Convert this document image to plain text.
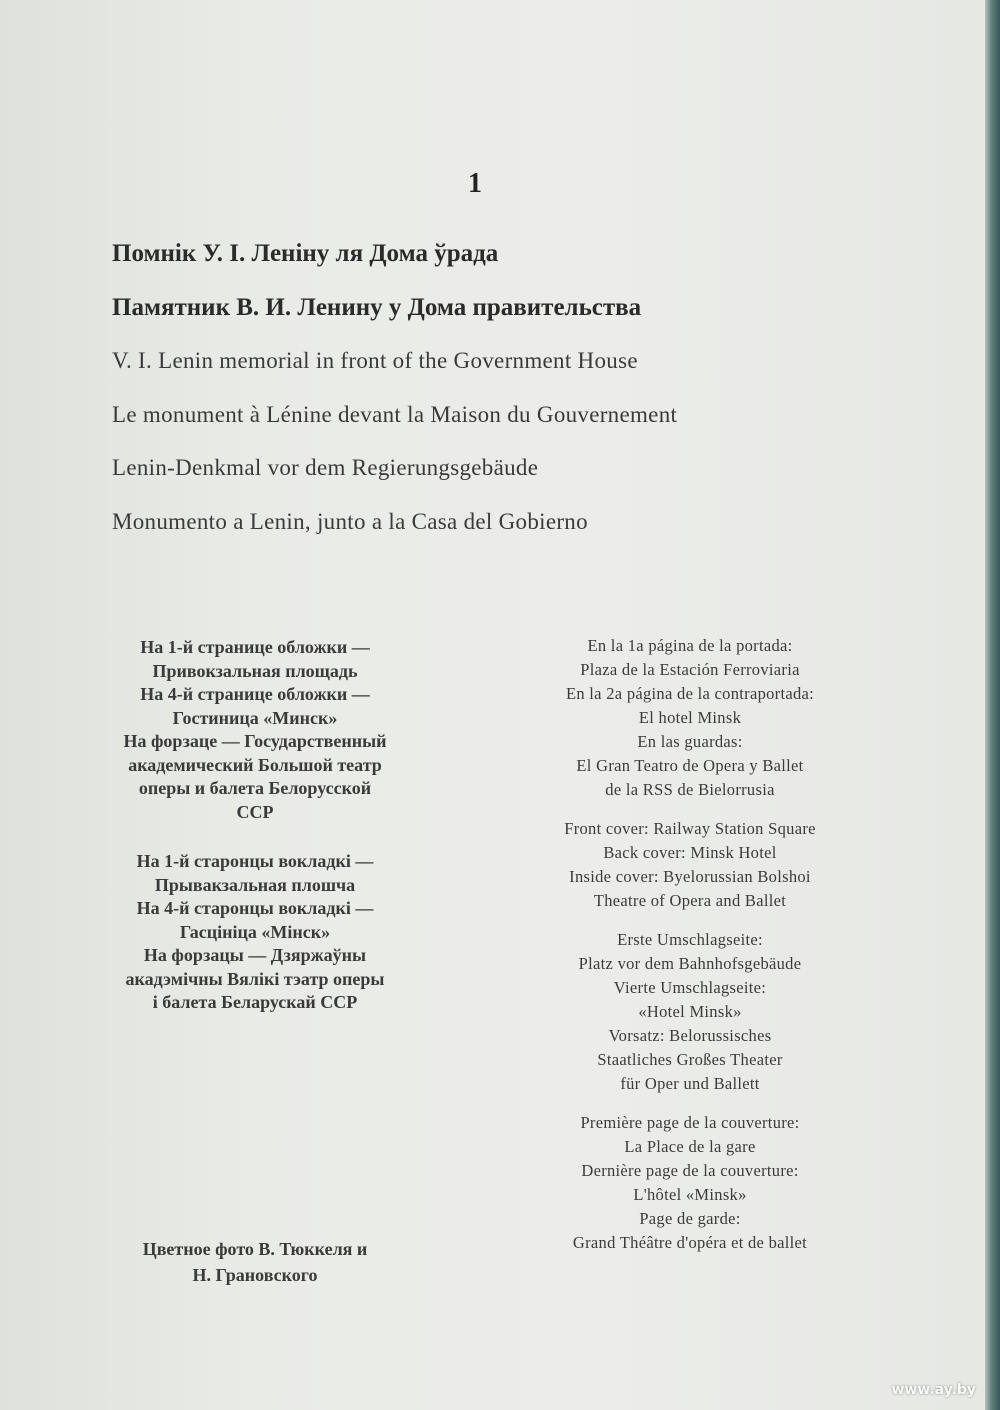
1
Помнік У. І. Леніну ля Дома ўрада
Памятник В. И. Ленину у Дома правительства
V. I. Lenin memorial in front of the Government House
Le monument à Lénine devant la Maison du Gouvernement
Lenin-Denkmal vor dem Regierungsgebäude
Monumento a Lenin, junto a la Casa del Gobierno
На 1-й странице обложки —
Привокзальная площадь
На 4-й странице обложки —
Гостиница «Минск»
На форзаце — Государственный
академический Большой театр
оперы и балета Белорусской
ССР
На 1-й старонцы вокладкі —
Прывакзальная плошча
На 4-й старонцы вокладкі —
Гасцініца «Мінск»
На форзацы — Дзяржаўны
акадэмічны Вялікі тэатр оперы
і балета Беларускай ССР
Цветное фото В. Тюккеля и
Н. Грановского
En la 1a página de la portada:
Plaza de la Estación Ferroviaria
En la 2a página de la contraportada:
El hotel Minsk
En las guardas:
El Gran Teatro de Opera y Ballet
de la RSS de Bielorrusia
Front cover: Railway Station Square
Back cover: Minsk Hotel
Inside cover: Byelorussian Bolshoi
Theatre of Opera and Ballet
Erste Umschlagseite:
Platz vor dem Bahnhofsgebäude
Vierte Umschlagseite:
«Hotel Minsk»
Vorsatz: Belorussisches
Staatliches Großes Theater
für Oper und Ballett
Première page de la couverture:
La Place de la gare
Dernière page de la couverture:
L'hôtel «Minsk»
Page de garde:
Grand Théâtre d'opéra et de ballet
www.ay.by
